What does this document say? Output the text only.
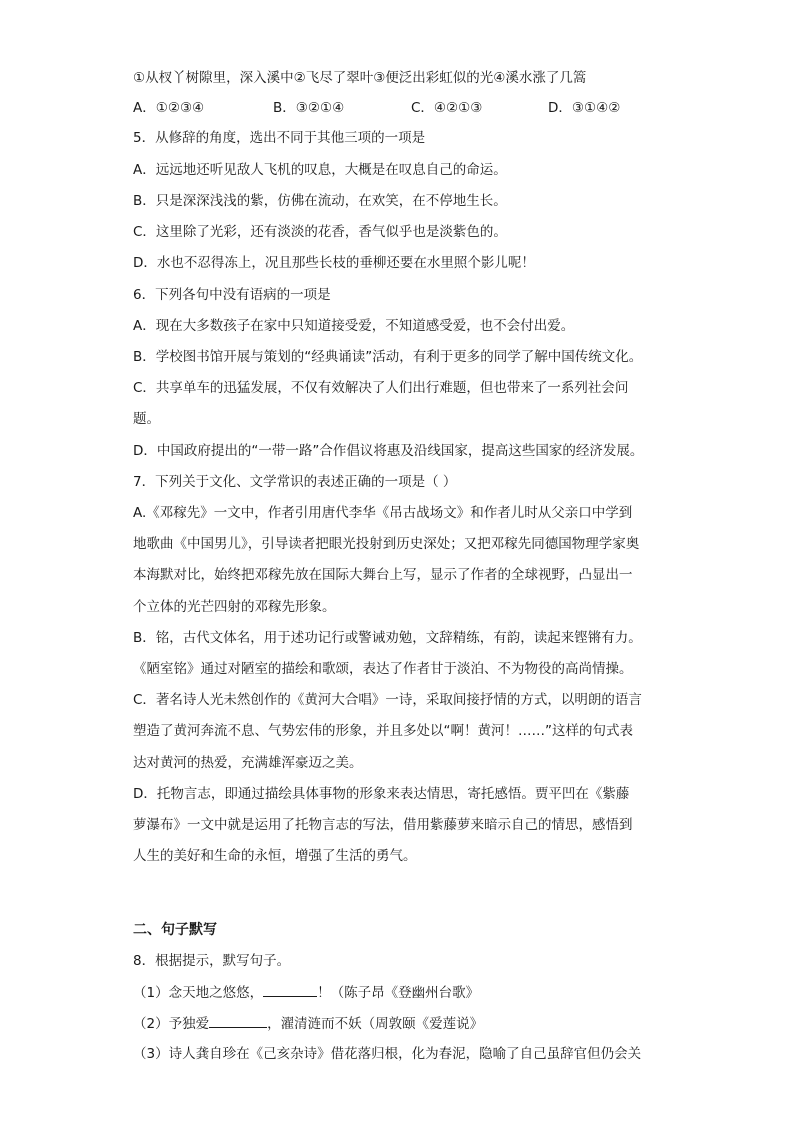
①从杈丫树隙里，深入溪中②飞尽了翠叶③便泛出彩虹似的光④溪水涨了几篙
A．①②③④	B．③②①④	C．④②①③	D．③①④②
5．从修辞的角度，选出不同于其他三项的一项是
A．远远地还听见敌人飞机的叹息，大概是在叹息自己的命运。
B．只是深深浅浅的紫，仿佛在流动，在欢笑，在不停地生长。
C．这里除了光彩，还有淡淡的花香，香气似乎也是淡紫色的。
D．水也不忍得冻上，况且那些长枝的垂柳还要在水里照个影儿呢！
6．下列各句中没有语病的一项是
A．现在大多数孩子在家中只知道接受爱，不知道感受爱，也不会付出爱。
B．学校图书馆开展与策划的“经典诵读”活动，有利于更多的同学了解中国传统文化。
C．共享单车的迅猛发展，不仅有效解决了人们出行难题，但也带来了一系列社会问
题。
D．中国政府提出的“一带一路”合作倡议将惠及沿线国家，提高这些国家的经济发展。
7．下列关于文化、文学常识的表述正确的一项是（ ）
A.《邓稼先》一文中，作者引用唐代李华《吊古战场文》和作者儿时从父亲口中学到
地歌曲《中国男儿》，引导读者把眼光投射到历史深处；又把邓稼先同德国物理学家奥
本海默对比，始终把邓稼先放在国际大舞台上写，显示了作者的全球视野，凸显出一
个立体的光芒四射的邓稼先形象。
B．铭，古代文体名，用于述功记行或警诫劝勉，文辞精练，有韵，读起来铿锵有力。
《陋室铭》通过对陋室的描绘和歌颂，表达了作者甘于淡泊、不为物役的高尚情操。
C．著名诗人光未然创作的《黄河大合唱》一诗，采取间接抒情的方式，以明朗的语言
塑造了黄河奔流不息、气势宏伟的形象，并且多处以“啊！黄河！……”这样的句式表
达对黄河的热爱，充满雄浑豪迈之美。
D．托物言志，即通过描绘具体事物的形象来表达情思，寄托感悟。贾平凹在《紫藤
萝瀑布》一文中就是运用了托物言志的写法，借用紫藤萝来暗示自己的情思，感悟到
人生的美好和生命的永恒，增强了生活的勇气。
二、句子默写
8．根据提示，默写句子。
（1）念天地之悠悠，	！（陈子昂《登幽州台歌》
（2）予独爱	，濯清涟而不妖（周敦颐《爱莲说》
（3）诗人龚自珍在《己亥杂诗》借花落归根，化为春泥，隐喻了自己虽辞官但仍会关
